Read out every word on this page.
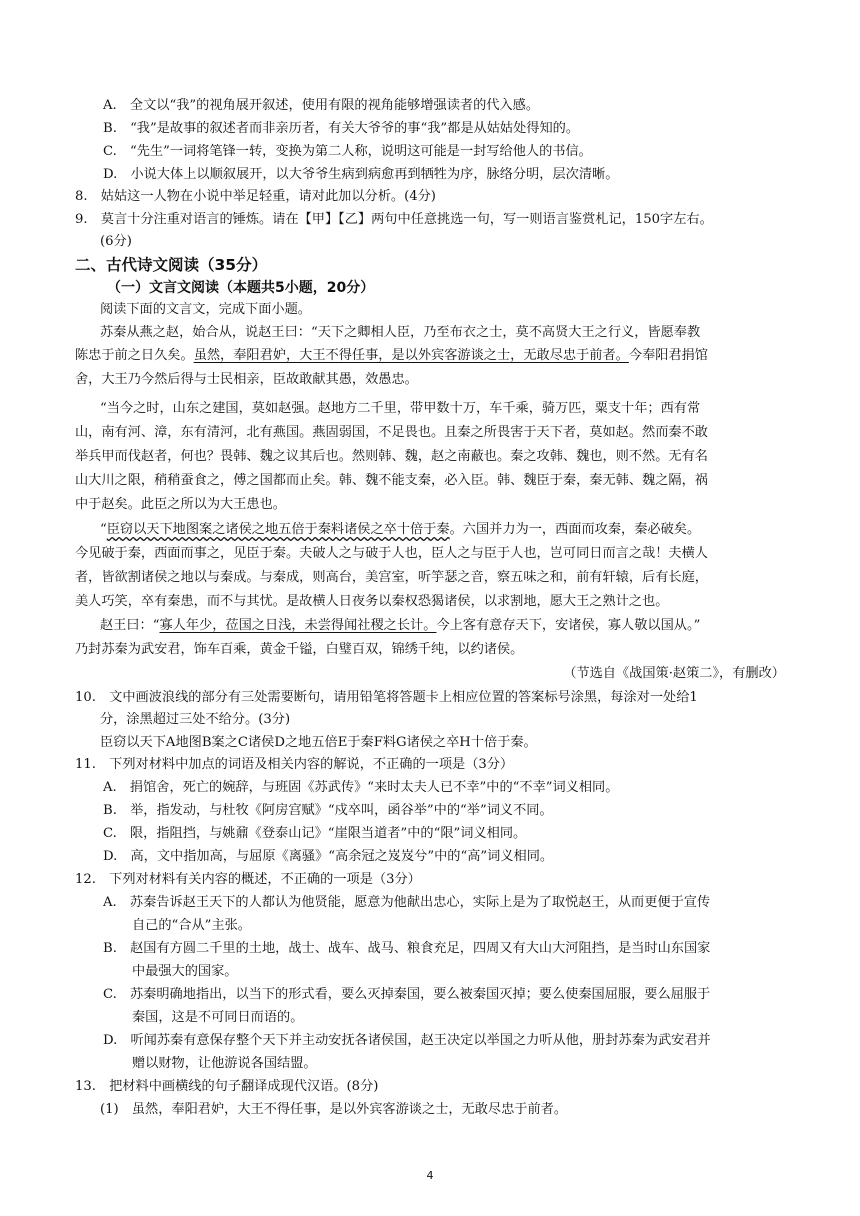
A.　全文以“我”的视角展开叙述，使用有限的视角能够增强读者的代入感。
B.　“我”是故事的叙述者而非亲历者，有关大爷爷的事“我”都是从姑姑处得知的。
C.　“先生”一词将笔锋一转，变换为第二人称，说明这可能是一封写给他人的书信。
D.　小说大体上以顺叙展开，以大爷爷生病到病愈再到牺牲为序，脉络分明，层次清晰。
8.　姑姑这一人物在小说中举足轻重，请对此加以分析。(4分)
9.　莫言十分注重对语言的锤炼。请在【甲】【乙】两句中任意挑选一句，写一则语言鉴赏札记，150字左右。
(6分)
二、古代诗文阅读（35分）
（一）文言文阅读（本题共5小题，20分）
阅读下面的文言文，完成下面小题。
苏秦从燕之赵，始合从，说赵王曰：“天下之卿相人臣，乃至布衣之士，莫不高贤大王之行义，皆愿奉教
陈忠于前之日久矣。虽然，奉阳君妒，大王不得任事，是以外宾客游谈之士，无敢尽忠于前者。今奉阳君捐馆
舍，大王乃今然后得与士民相亲，臣故敢献其愚，效愚忠。
“当今之时，山东之建国，莫如赵强。赵地方二千里，带甲数十万，车千乘，骑万匹，粟支十年；西有常
山，南有河、漳，东有清河，北有燕国。燕固弱国，不足畏也。且秦之所畏害于天下者，莫如赵。然而秦不敢
举兵甲而伐赵者，何也？畏韩、魏之议其后也。然则韩、魏，赵之南蔽也。秦之攻韩、魏也，则不然。无有名
山大川之限，稍稍蚕食之，傅之国都而止矣。韩、魏不能支秦，必入臣。韩、魏臣于秦，秦无韩、魏之隔，祸
中于赵矣。此臣之所以为大王患也。
“臣窃以天下地图案之诸侯之地五倍于秦料诸侯之卒十倍于秦。六国并力为一，西面而攻秦，秦必破矣。
今见破于秦，西面而事之，见臣于秦。夫破人之与破于人也，臣人之与臣于人也，岂可同日而言之哉！夫横人
者，皆欲割诸侯之地以与秦成。与秦成，则高台，美宫室，听竽瑟之音，察五味之和，前有轩辕，后有长庭，
美人巧笑，卒有秦患，而不与其忧。是故横人日夜务以秦权恐猲诸侯，以求割地，愿大王之熟计之也。
赵王曰：“寡人年少，莅国之日浅，未尝得闻社稷之长计。今上客有意存天下，安诸侯，寡人敬以国从。”
乃封苏秦为武安君，饰车百乘，黄金千镒，白璧百双，锦绣千纯，以约诸侯。
（节选自《战国策·赵策二》，有删改）
10.　文中画波浪线的部分有三处需要断句，请用铅笔将答题卡上相应位置的答案标号涂黑，每涂对一处给1
分，涂黑超过三处不给分。(3分)
臣窃以天下A地图B案之C诸侯D之地五倍E于秦F料G诸侯之卒H十倍于秦。
11.　下列对材料中加点的词语及相关内容的解说，不正确的一项是（3分）
A.　捐馆舍，死亡的婉辞，与班固《苏武传》“来时太夫人已不幸”中的“不幸”词义相同。
B.　举，指发动，与杜牧《阿房宫赋》“戍卒叫，函谷举”中的“举”词义不同。
C.　限，指阻挡，与姚鼐《登泰山记》“崖限当道者”中的“限”词义相同。
D.　高，文中指加高，与屈原《离骚》“高余冠之岌岌兮”中的“高”词义相同。
12.　下列对材料有关内容的概述，不正确的一项是（3分）
A.　苏秦告诉赵王天下的人都认为他贤能，愿意为他献出忠心，实际上是为了取悦赵王，从而更便于宣传
自己的“合从”主张。
B.　赵国有方圆二千里的土地，战士、战车、战马、粮食充足，四周又有大山大河阻挡，是当时山东国家
中最强大的国家。
C.　苏秦明确地指出，以当下的形式看，要么灭掉秦国，要么被秦国灭掉；要么使秦国屈服，要么屈服于
秦国，这是不可同日而语的。
D.　听闻苏秦有意保存整个天下并主动安抚各诸侯国，赵王决定以举国之力听从他，册封苏秦为武安君并
赠以财物，让他游说各国结盟。
13.　把材料中画横线的句子翻译成现代汉语。(8分)
(1)　虽然，奉阳君妒，大王不得任事，是以外宾客游谈之士，无敢尽忠于前者。
4
